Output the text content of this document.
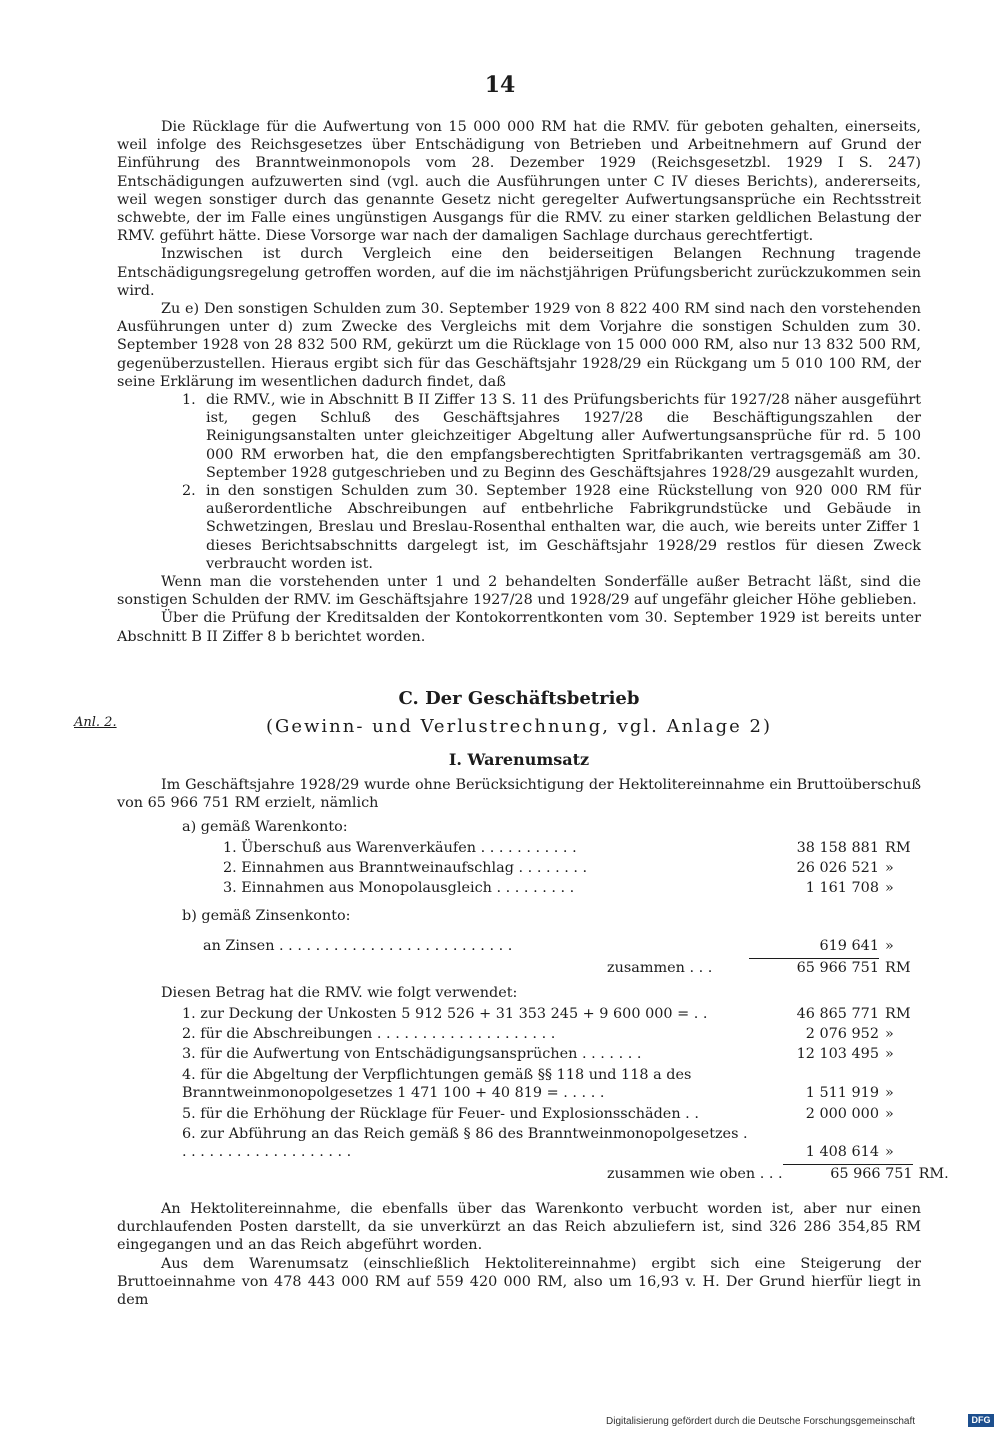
14

Die Rücklage für die Aufwertung von 15 000 000 RM hat die RMV. für geboten gehalten, einerseits, weil infolge des Reichsgesetzes über Entschädigung von Betrieben und Arbeitnehmern auf Grund der Einführung des Branntweinmonopols vom 28. Dezember 1929 (Reichsgesetzbl. 1929 I S. 247) Entschädigungen aufzuwerten sind (vgl. auch die Ausführungen unter C IV dieses Berichts), andererseits, weil wegen sonstiger durch das genannte Gesetz nicht geregelter Aufwertungsansprüche ein Rechtsstreit schwebte, der im Falle eines ungünstigen Ausgangs für die RMV. zu einer starken geldlichen Belastung der RMV. geführt hätte. Diese Vorsorge war nach der damaligen Sachlage durchaus gerechtfertigt.

Inzwischen ist durch Vergleich eine den beiderseitigen Belangen Rechnung tragende Entschädigungsregelung getroffen worden, auf die im nächstjährigen Prüfungsbericht zurückzukommen sein wird.

Zu e) Den sonstigen Schulden zum 30. September 1929 von 8 822 400 RM sind nach den vorstehenden Ausführungen unter d) zum Zwecke des Vergleichs mit dem Vorjahre die sonstigen Schulden zum 30. September 1928 von 28 832 500 RM, gekürzt um die Rücklage von 15 000 000 RM, also nur 13 832 500 RM, gegenüberzustellen. Hieraus ergibt sich für das Geschäftsjahr 1928/29 ein Rückgang um 5 010 100 RM, der seine Erklärung im wesentlichen dadurch findet, daß

1. die RMV., wie in Abschnitt B II Ziffer 13 S. 11 des Prüfungsberichts für 1927/28 näher ausgeführt ist, gegen Schluß des Geschäftsjahres 1927/28 die Beschäftigungszahlen der Reinigungsanstalten unter gleichzeitiger Abgeltung aller Aufwertungsansprüche für rd. 5 100 000 RM erworben hat, die den empfangsberechtigten Spritfabrikanten vertragsgemäß am 30. September 1928 gutgeschrieben und zu Beginn des Geschäftsjahres 1928/29 ausgezahlt wurden,
2. in den sonstigen Schulden zum 30. September 1928 eine Rückstellung von 920 000 RM für außerordentliche Abschreibungen auf entbehrliche Fabrikgrundstücke und Gebäude in Schwetzingen, Breslau und Breslau-Rosenthal enthalten war, die auch, wie bereits unter Ziffer 1 dieses Berichtsabschnitts dargelegt ist, im Geschäftsjahr 1928/29 restlos für diesen Zweck verbraucht worden ist.

Wenn man die vorstehenden unter 1 und 2 behandelten Sonderfälle außer Betracht läßt, sind die sonstigen Schulden der RMV. im Geschäftsjahre 1927/28 und 1928/29 auf ungefähr gleicher Höhe geblieben.

Über die Prüfung der Kreditsalden der Kontokorrentkonten vom 30. September 1929 ist bereits unter Abschnitt B II Ziffer 8 b berichtet worden.

Anl. 2.
C. Der Geschäftsbetrieb
(Gewinn- und Verlustrechnung, vgl. Anlage 2)
I. Warenumsatz

Im Geschäftsjahre 1928/29 wurde ohne Berücksichtigung der Hektolitereinnahme ein Bruttoüberschuß von 65 966 751 RM erzielt, nämlich

a) gemäß Warenkonto:
1. Überschuß aus Warenverkäufen . . . . . . . . . . .	38 158 881 RM
2. Einnahmen aus Branntweinaufschlag . . . . . . . .	26 026 521 »
3. Einnahmen aus Monopolausgleich . . . . . . . . .	1 161 708 »
b) gemäß Zinsenkonto:
an Zinsen . . . . . . . . . . . . . . . . . . . . . . . . . .	619 641 »
zusammen . . .	65 966 751 RM
Diesen Betrag hat die RMV. wie folgt verwendet:
1. zur Deckung der Unkosten 5 912 526 + 31 353 245 + 9 600 000 = . .	46 865 771 RM
2. für die Abschreibungen . . . . . . . . . . . . . . . . . . . .	2 076 952 »
3. für die Aufwertung von Entschädigungsansprüchen . . . . . . .	12 103 495 »
4. für die Abgeltung der Verpflichtungen gemäß §§ 118 und 118 a des Branntweinmonopolgesetzes 1 471 100 + 40 819 = . . . . .	1 511 919 »
5. für die Erhöhung der Rücklage für Feuer- und Explosionsschäden . .	2 000 000 »
6. zur Abführung an das Reich gemäß § 86 des Branntweinmonopolgesetzes . . . . . . . . . . . . . . . . . . . .	1 408 614 »
zusammen wie oben . . .	65 966 751 RM.

An Hektolitereinnahme, die ebenfalls über das Warenkonto verbucht worden ist, aber nur einen durchlaufenden Posten darstellt, da sie unverkürzt an das Reich abzuliefern ist, sind 326 286 354,85 RM eingegangen und an das Reich abgeführt worden.

Aus dem Warenumsatz (einschließlich Hektolitereinnahme) ergibt sich eine Steigerung der Bruttoeinnahme von 478 443 000 RM auf 559 420 000 RM, also um 16,93 v. H. Der Grund hierfür liegt in dem

Digitalisierung gefördert durch die Deutsche Forschungsgemeinschaft	DFG
